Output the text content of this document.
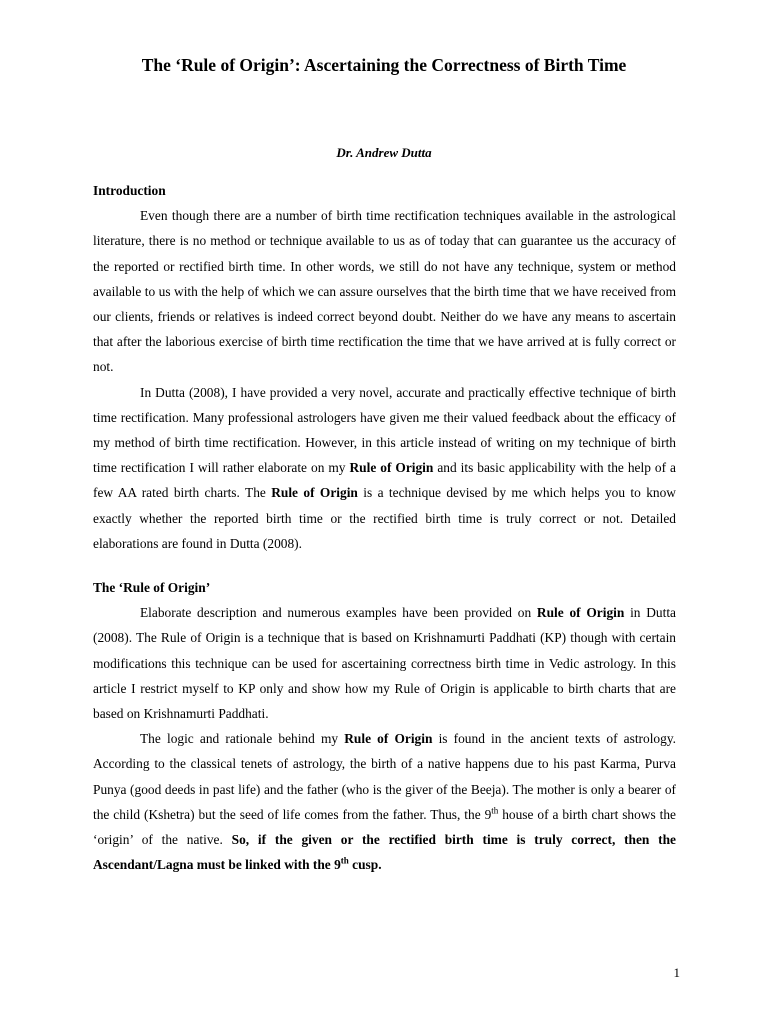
The ‘Rule of Origin’: Ascertaining the Correctness of Birth Time
Dr. Andrew Dutta

Introduction

Even though there are a number of birth time rectification techniques available in the astrological literature, there is no method or technique available to us as of today that can guarantee us the accuracy of the reported or rectified birth time. In other words, we still do not have any technique, system or method available to us with the help of which we can assure ourselves that the birth time that we have received from our clients, friends or relatives is indeed correct beyond doubt. Neither do we have any means to ascertain that after the laborious exercise of birth time rectification the time that we have arrived at is fully correct or not.

In Dutta (2008), I have provided a very novel, accurate and practically effective technique of birth time rectification. Many professional astrologers have given me their valued feedback about the efficacy of my method of birth time rectification. However, in this article instead of writing on my technique of birth time rectification I will rather elaborate on my Rule of Origin and its basic applicability with the help of a few AA rated birth charts. The Rule of Origin is a technique devised by me which helps you to know exactly whether the reported birth time or the rectified birth time is truly correct or not. Detailed elaborations are found in Dutta (2008).

The ‘Rule of Origin’

Elaborate description and numerous examples have been provided on Rule of Origin in Dutta (2008). The Rule of Origin is a technique that is based on Krishnamurti Paddhati (KP) though with certain modifications this technique can be used for ascertaining correctness birth time in Vedic astrology. In this article I restrict myself to KP only and show how my Rule of Origin is applicable to birth charts that are based on Krishnamurti Paddhati.

The logic and rationale behind my Rule of Origin is found in the ancient texts of astrology. According to the classical tenets of astrology, the birth of a native happens due to his past Karma, Purva Punya (good deeds in past life) and the father (who is the giver of the Beeja). The mother is only a bearer of the child (Kshetra) but the seed of life comes from the father. Thus, the 9th house of a birth chart shows the ‘origin’ of the native. So, if the given or the rectified birth time is truly correct, then the Ascendant/Lagna must be linked with the 9th cusp.

1
